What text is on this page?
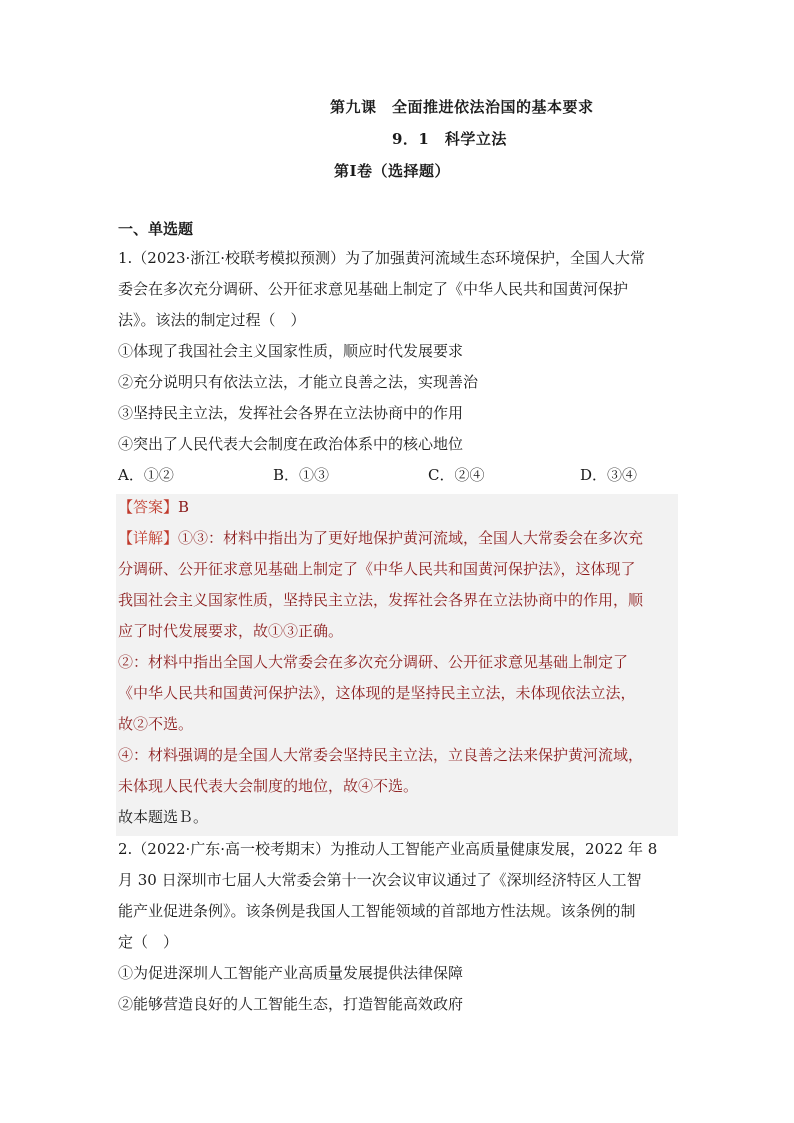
第九课　全面推进依法治国的基本要求
9．1　科学立法
第Ⅰ卷（选择题）
一、单选题
1.（2023·浙江·校联考模拟预测）为了加强黄河流域生态环境保护，全国人大常
委会在多次充分调研、公开征求意见基础上制定了《中华人民共和国黄河保护
法》。该法的制定过程（　）
①体现了我国社会主义国家性质，顺应时代发展要求
②充分说明只有依法立法，才能立良善之法，实现善治
③坚持民主立法，发挥社会各界在立法协商中的作用
④突出了人民代表大会制度在政治体系中的核心地位
A．①②	B．①③	C．②④	D．③④
【答案】B
【详解】①③：材料中指出为了更好地保护黄河流域，全国人大常委会在多次充
分调研、公开征求意见基础上制定了《中华人民共和国黄河保护法》，这体现了
我国社会主义国家性质，坚持民主立法，发挥社会各界在立法协商中的作用，顺
应了时代发展要求，故①③正确。
②：材料中指出全国人大常委会在多次充分调研、公开征求意见基础上制定了
《中华人民共和国黄河保护法》，这体现的是坚持民主立法，未体现依法立法，
故②不选。
④：材料强调的是全国人大常委会坚持民主立法，立良善之法来保护黄河流域，
未体现人民代表大会制度的地位，故④不选。
故本题选Ｂ。
2.（2022·广东·高一校考期末）为推动人工智能产业高质量健康发展，2022 年 8
月 30 日深圳市七届人大常委会第十一次会议审议通过了《深圳经济特区人工智
能产业促进条例》。该条例是我国人工智能领域的首部地方性法规。该条例的制
定（　）
①为促进深圳人工智能产业高质量发展提供法律保障
②能够营造良好的人工智能生态，打造智能高效政府
